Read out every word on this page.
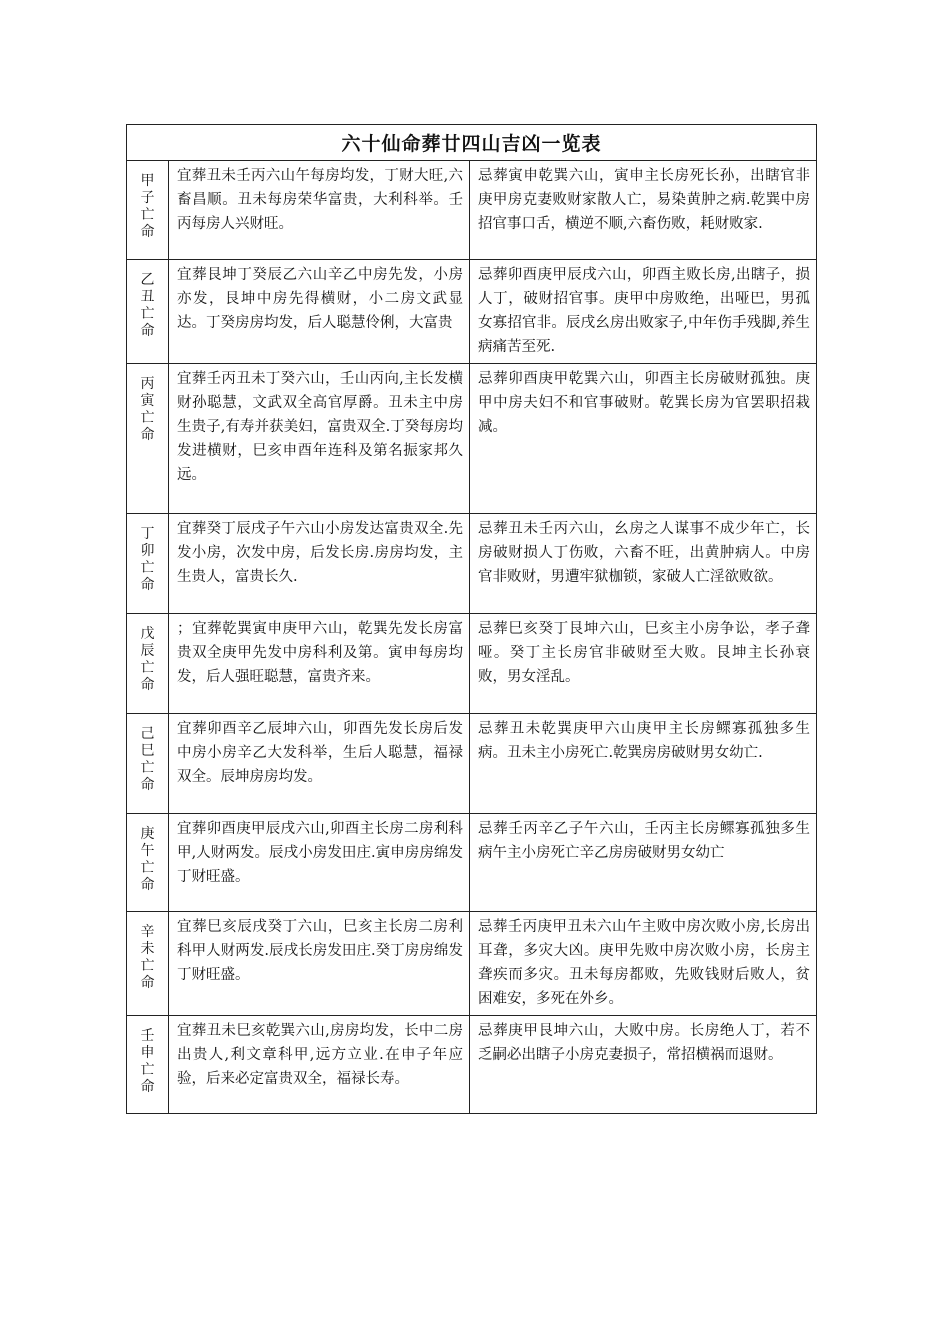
六十仙命葬廿四山吉凶一览表		
甲子亡命	宜葬丑未壬丙六山午每房均发，丁财大旺,六畜昌顺。丑未每房荣华富贵，大利科举。壬丙每房人兴财旺。	忌葬寅申乾巽六山，寅申主长房死长孙，出瞎官非庚甲房克妻败财家散人亡，易染黄肿之病.乾巽中房招官事口舌，横逆不顺,六畜伤败，耗财败家.
乙丑亡命	宜葬艮坤丁癸辰乙六山辛乙中房先发，小房亦发，艮坤中房先得横财，小二房文武显达。丁癸房房均发，后人聪慧伶俐，大富贵	忌葬卯酉庚甲辰戌六山，卯酉主败长房,出瞎子，损人丁，破财招官事。庚甲中房败绝，出哑巴，男孤女寡招官非。辰戌幺房出败家子,中年伤手残脚,养生病痛苦至死.
丙寅亡命	宜葬壬丙丑未丁癸六山，壬山丙向,主长发横财孙聪慧，文武双全高官厚爵。丑未主中房生贵子,有寿并获美妇，富贵双全.丁癸每房均发进横财，巳亥申酉年连科及第名振家邦久远。	忌葬卯酉庚甲乾巽六山，卯酉主长房破财孤独。庚甲中房夫妇不和官事破财。乾巽长房为官罢职招栽减。
丁卯亡命	宜葬癸丁辰戌子午六山小房发达富贵双全.先发小房，次发中房，后发长房.房房均发，主生贵人，富贵长久.	忌葬丑未壬丙六山，幺房之人谋事不成少年亡，长房破财损人丁伤败，六畜不旺，出黄肿病人。中房官非败财，男遭牢狱枷锁，家破人亡淫欲败欲。
戊辰亡命	；宜葬乾巽寅申庚甲六山，乾巽先发长房富贵双全庚甲先发中房科利及第。寅申每房均发，后人强旺聪慧，富贵齐来。	忌葬巳亥癸丁艮坤六山，巳亥主小房争讼，孝子聋哑。癸丁主长房官非破财至大败。艮坤主长孙衰败，男女淫乱。
己巳亡命	宜葬卯酉辛乙辰坤六山，卯酉先发长房后发中房小房辛乙大发科举，生后人聪慧，福禄双全。辰坤房房均发。	忌葬丑未乾巽庚甲六山庚甲主长房鳏寡孤独多生病。丑未主小房死亡.乾巽房房破财男女幼亡.
庚午亡命	宜葬卯酉庚甲辰戌六山,卯酉主长房二房利科甲,人财两发。辰戌小房发田庄.寅申房房绵发丁财旺盛。	忌葬壬丙辛乙子午六山，壬丙主长房鳏寡孤独多生病午主小房死亡辛乙房房破财男女幼亡
辛未亡命	宜葬巳亥辰戌癸丁六山，巳亥主长房二房利科甲人财两发.辰戌长房发田庄.癸丁房房绵发丁财旺盛。	忌葬壬丙庚甲丑未六山午主败中房次败小房,长房出耳聋，多灾大凶。庚甲先败中房次败小房，长房主聋疾而多灾。丑未每房都败，先败钱财后败人，贫困难安，多死在外乡。
壬申亡命	宜葬丑未巳亥乾巽六山,房房均发，长中二房出贵人,利文章科甲,远方立业.在申子年应验，后来必定富贵双全，福禄长寿。	忌葬庚甲艮坤六山，大败中房。长房绝人丁，若不乏嗣必出瞎子小房克妻损子，常招横祸而退财。
